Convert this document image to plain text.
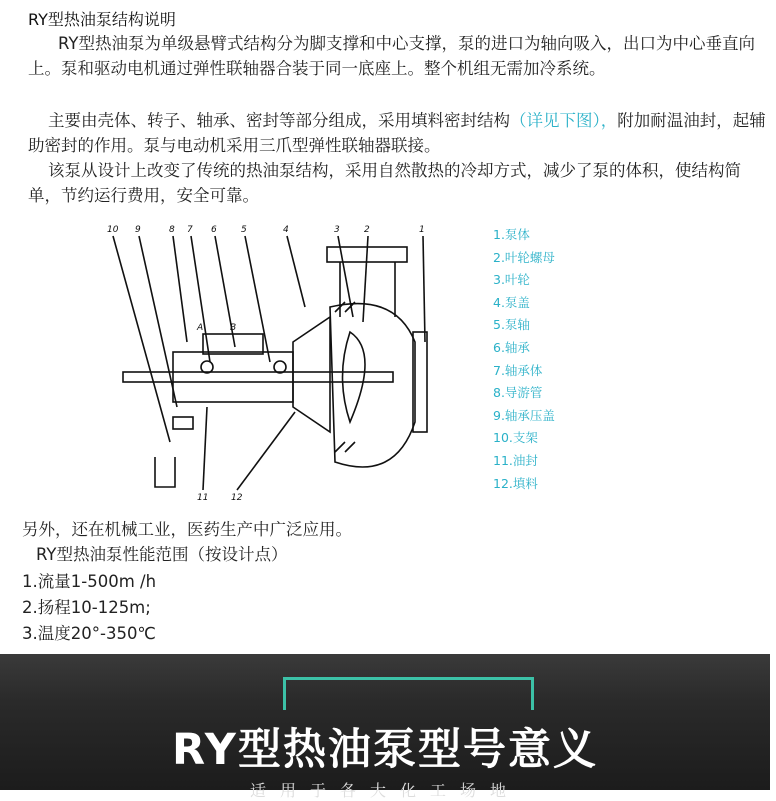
RY型热油泵结构说明

RY型热油泵为单级悬臂式结构分为脚支撑和中心支撑，泵的进口为轴向吸入，出口为中心垂直向上。泵和驱动电机通过弹性联轴器合装于同一底座上。整个机组无需加冷系统。

主要由壳体、转子、轴承、密封等部分组成，采用填料密封结构（详见下图），附加耐温油封，起辅助密封的作用。泵与电动机采用三爪型弹性联轴器联接。

该泵从设计上改变了传统的热油泵结构，采用自然散热的冷却方式，减少了泵的体积，使结构简单，节约运行费用，安全可靠。

10 9	8 7 6	5	4	3	2	1
11	12
A	B
1.泵体
2.叶轮螺母
3.叶轮
4.泵盖
5.泵轴
6.轴承
7.轴承体
8.导游管
9.轴承压盖
10.支架
11.油封
12.填料

另外，还在机械工业，医药生产中广泛应用。

RY型热油泵性能范围（按设计点）

1.流量1-500m /h

2.扬程10-125m;

3.温度20°-350℃

RY型热油泵型号意义
适用于各大化工场地
